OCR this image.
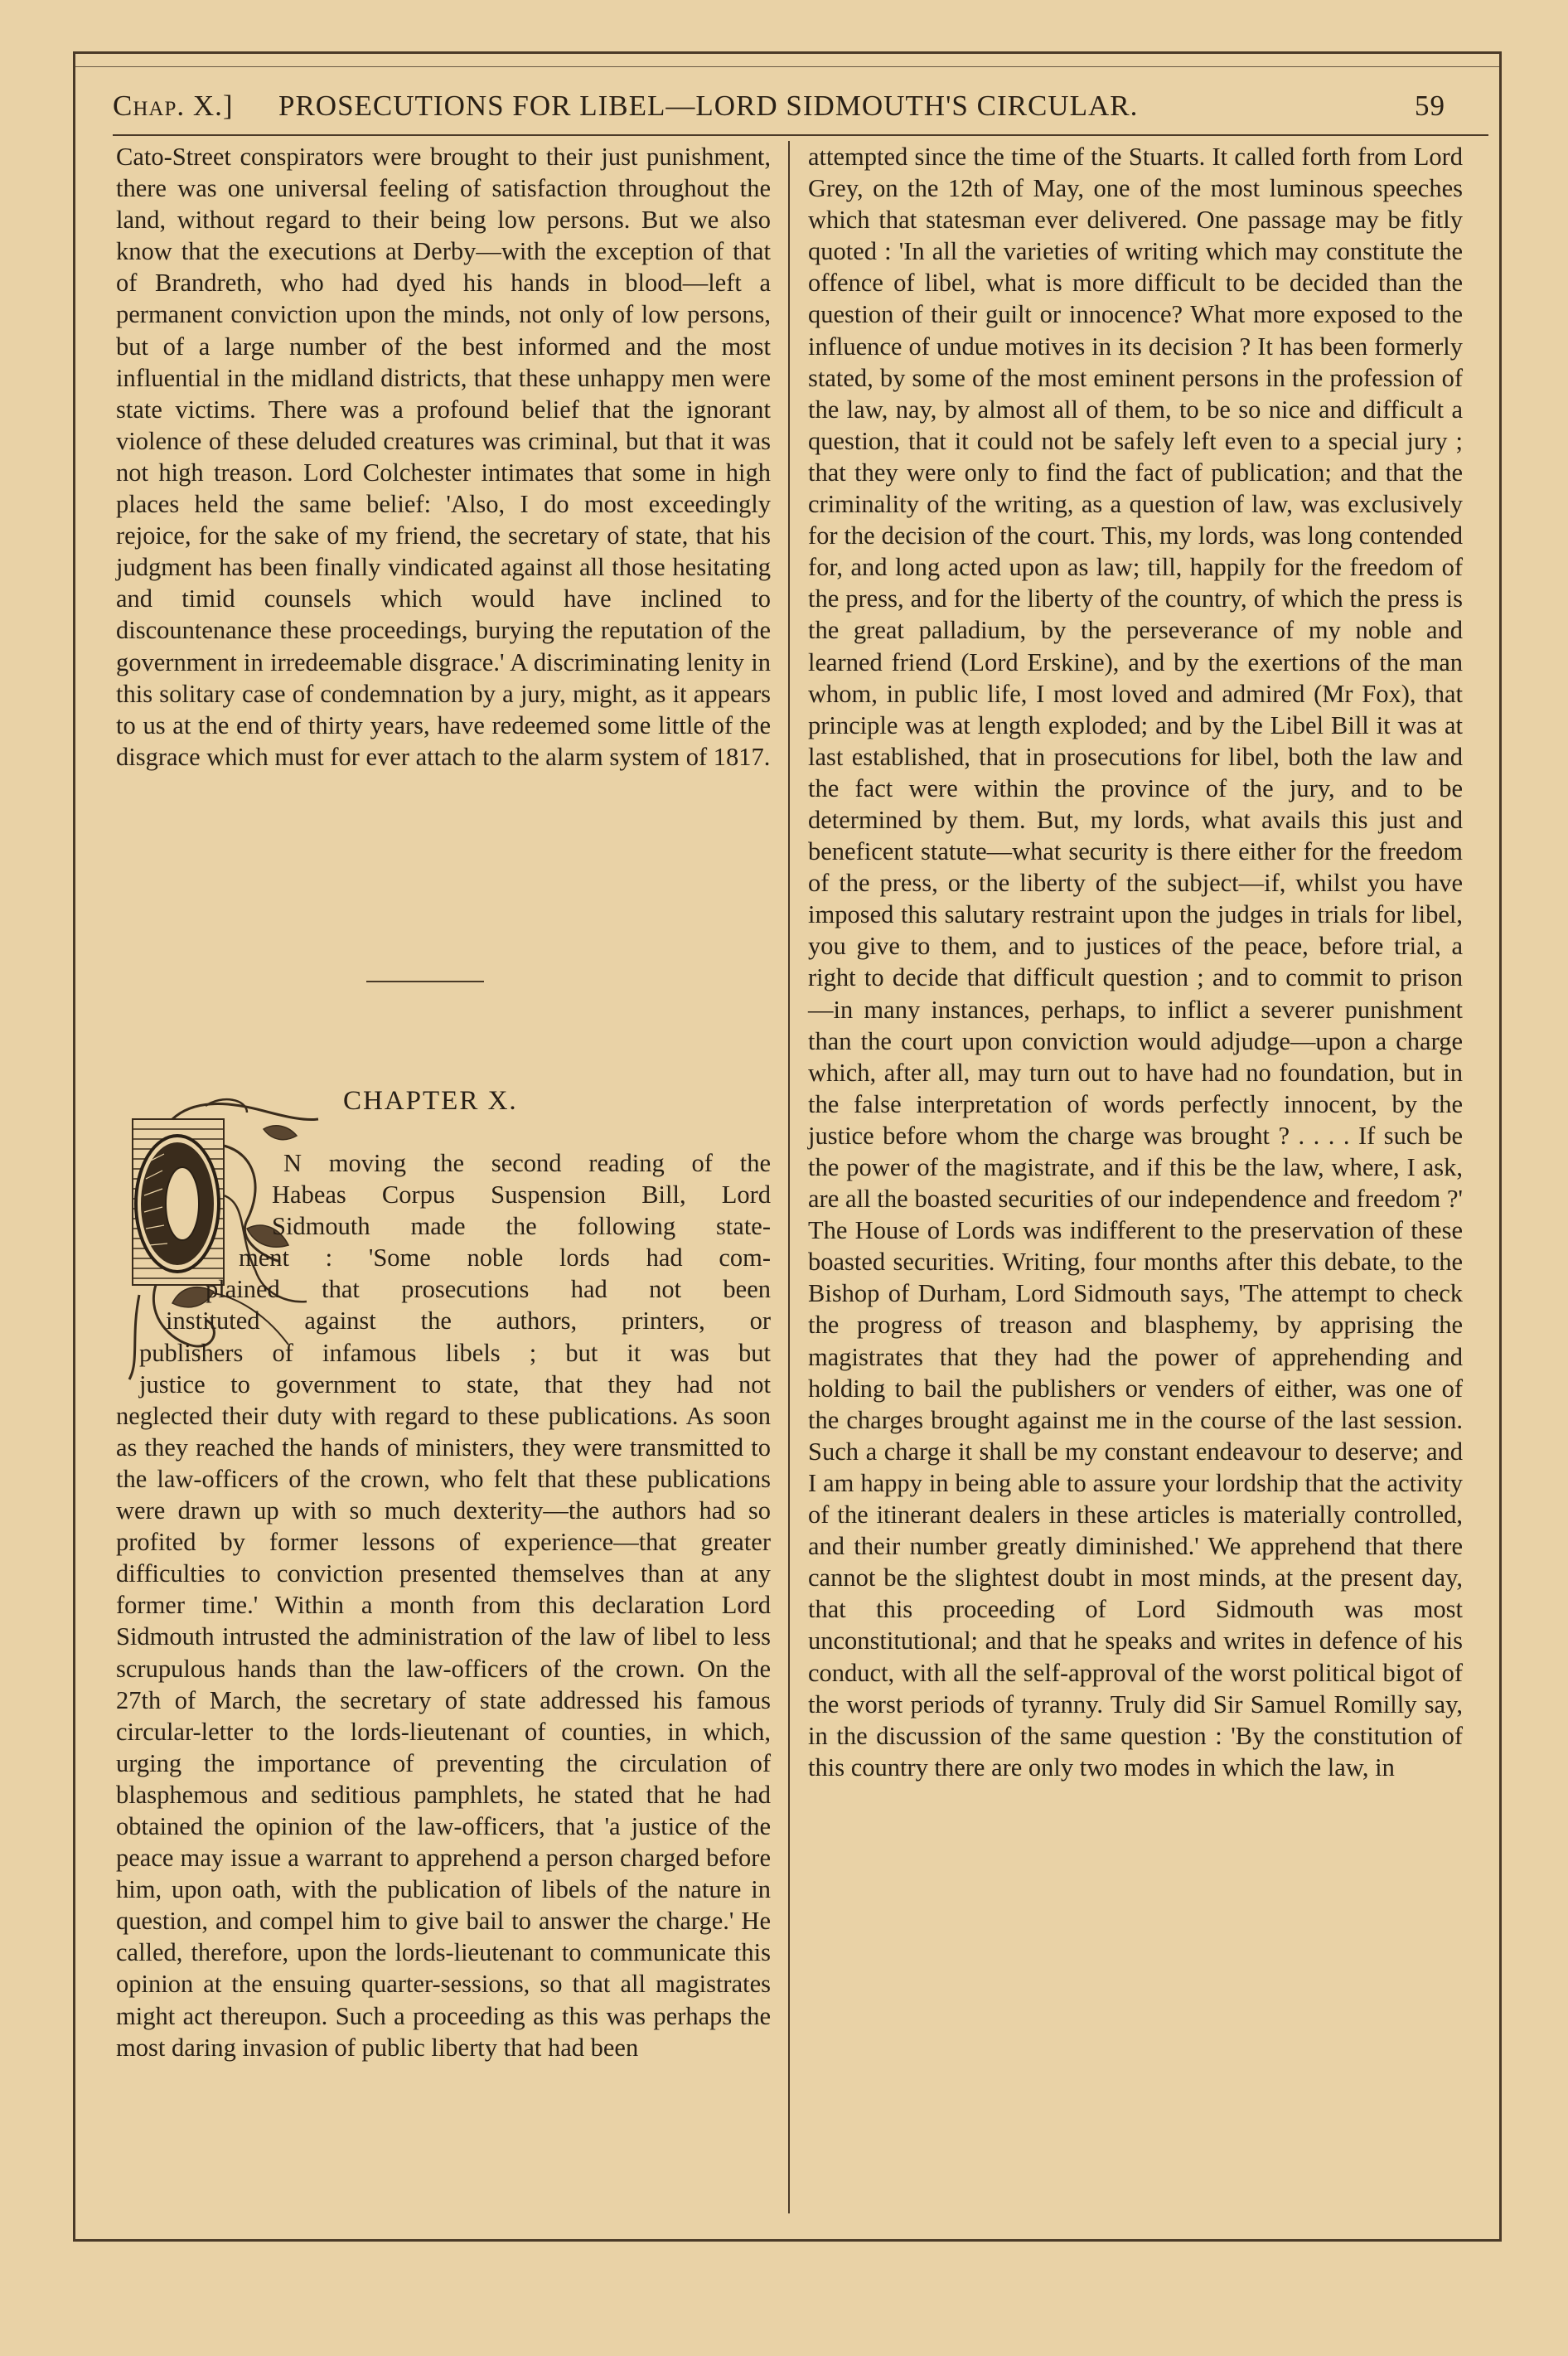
Chap. X.] PROSECUTIONS FOR LIBEL—LORD SIDMOUTH'S CIRCULAR.	59

Cato-Street conspirators were brought to their just punishment, there was one universal feeling of satisfaction throughout the land, without regard to their being low persons. But we also know that the executions at Derby—with the exception of that of Brandreth, who had dyed his hands in blood—left a permanent conviction upon the minds, not only of low persons, but of a large number of the best informed and the most influential in the midland districts, that these unhappy men were state victims. There was a profound belief that the ignorant violence of these deluded creatures was criminal, but that it was not high treason. Lord Colchester intimates that some in high places held the same belief: 'Also, I do most exceedingly rejoice, for the sake of my friend, the secretary of state, that his judgment has been finally vindicated against all those hesitating and timid counsels which would have inclined to discountenance these proceedings, burying the reputation of the government in irredeemable disgrace.' A discriminating lenity in this solitary case of condemnation by a jury, might, as it appears to us at the end of thirty years, have redeemed some little of the disgrace which must for ever attach to the alarm system of 1817.

CHAPTER X.
N moving the second reading of the
Habeas Corpus Suspension Bill, Lord
Sidmouth made the following state-
ment : 'Some noble lords had com-
plained that prosecutions had not been
instituted against the authors, printers, or
publishers of infamous libels ; but it was but
justice to government to state, that they had not
neglected their duty with regard to these publications. As soon as they reached the hands of ministers, they were transmitted to the law-officers of the crown, who felt that these publications were drawn up with so much dexterity—the authors had so profited by former lessons of experience—that greater difficulties to conviction presented themselves than at any former time.' Within a month from this declaration Lord Sidmouth intrusted the administration of the law of libel to less scrupulous hands than the law-officers of the crown. On the 27th of March, the secretary of state addressed his famous circular-letter to the lords-lieutenant of counties, in which, urging the importance of preventing the circulation of blasphemous and seditious pamphlets, he stated that he had obtained the opinion of the law-officers, that 'a justice of the peace may issue a warrant to apprehend a person charged before him, upon oath, with the publication of libels of the nature in question, and compel him to give bail to answer the charge.' He called, therefore, upon the lords-lieutenant to communicate this opinion at the ensuing quarter-sessions, so that all magistrates might act thereupon. Such a proceeding as this was perhaps the most daring invasion of public liberty that had been

attempted since the time of the Stuarts. It called forth from Lord Grey, on the 12th of May, one of the most luminous speeches which that statesman ever delivered. One passage may be fitly quoted : 'In all the varieties of writing which may constitute the offence of libel, what is more difficult to be decided than the question of their guilt or innocence? What more exposed to the influence of undue motives in its decision ? It has been formerly stated, by some of the most eminent persons in the profession of the law, nay, by almost all of them, to be so nice and difficult a question, that it could not be safely left even to a special jury ; that they were only to find the fact of publication; and that the criminality of the writing, as a question of law, was exclusively for the decision of the court. This, my lords, was long contended for, and long acted upon as law; till, happily for the freedom of the press, and for the liberty of the country, of which the press is the great palladium, by the perseverance of my noble and learned friend (Lord Erskine), and by the exertions of the man whom, in public life, I most loved and admired (Mr Fox), that principle was at length exploded; and by the Libel Bill it was at last established, that in prosecutions for libel, both the law and the fact were within the province of the jury, and to be determined by them. But, my lords, what avails this just and beneficent statute—what security is there either for the freedom of the press, or the liberty of the subject—if, whilst you have imposed this salutary restraint upon the judges in trials for libel, you give to them, and to justices of the peace, before trial, a right to decide that difficult question ; and to commit to prison—in many instances, perhaps, to inflict a severer punishment than the court upon conviction would adjudge—upon a charge which, after all, may turn out to have had no foundation, but in the false interpretation of words perfectly innocent, by the justice before whom the charge was brought ? . . . . If such be the power of the magistrate, and if this be the law, where, I ask, are all the boasted securities of our independence and freedom ?' The House of Lords was indifferent to the preservation of these boasted securities. Writing, four months after this debate, to the Bishop of Durham, Lord Sidmouth says, 'The attempt to check the progress of treason and blasphemy, by apprising the magistrates that they had the power of apprehending and holding to bail the publishers or venders of either, was one of the charges brought against me in the course of the last session. Such a charge it shall be my constant endeavour to deserve; and I am happy in being able to assure your lordship that the activity of the itinerant dealers in these articles is materially controlled, and their number greatly diminished.' We apprehend that there cannot be the slightest doubt in most minds, at the present day, that this proceeding of Lord Sidmouth was most unconstitutional; and that he speaks and writes in defence of his conduct, with all the self-approval of the worst political bigot of the worst periods of tyranny. Truly did Sir Samuel Romilly say, in the discussion of the same question : 'By the constitution of this country there are only two modes in which the law, in
